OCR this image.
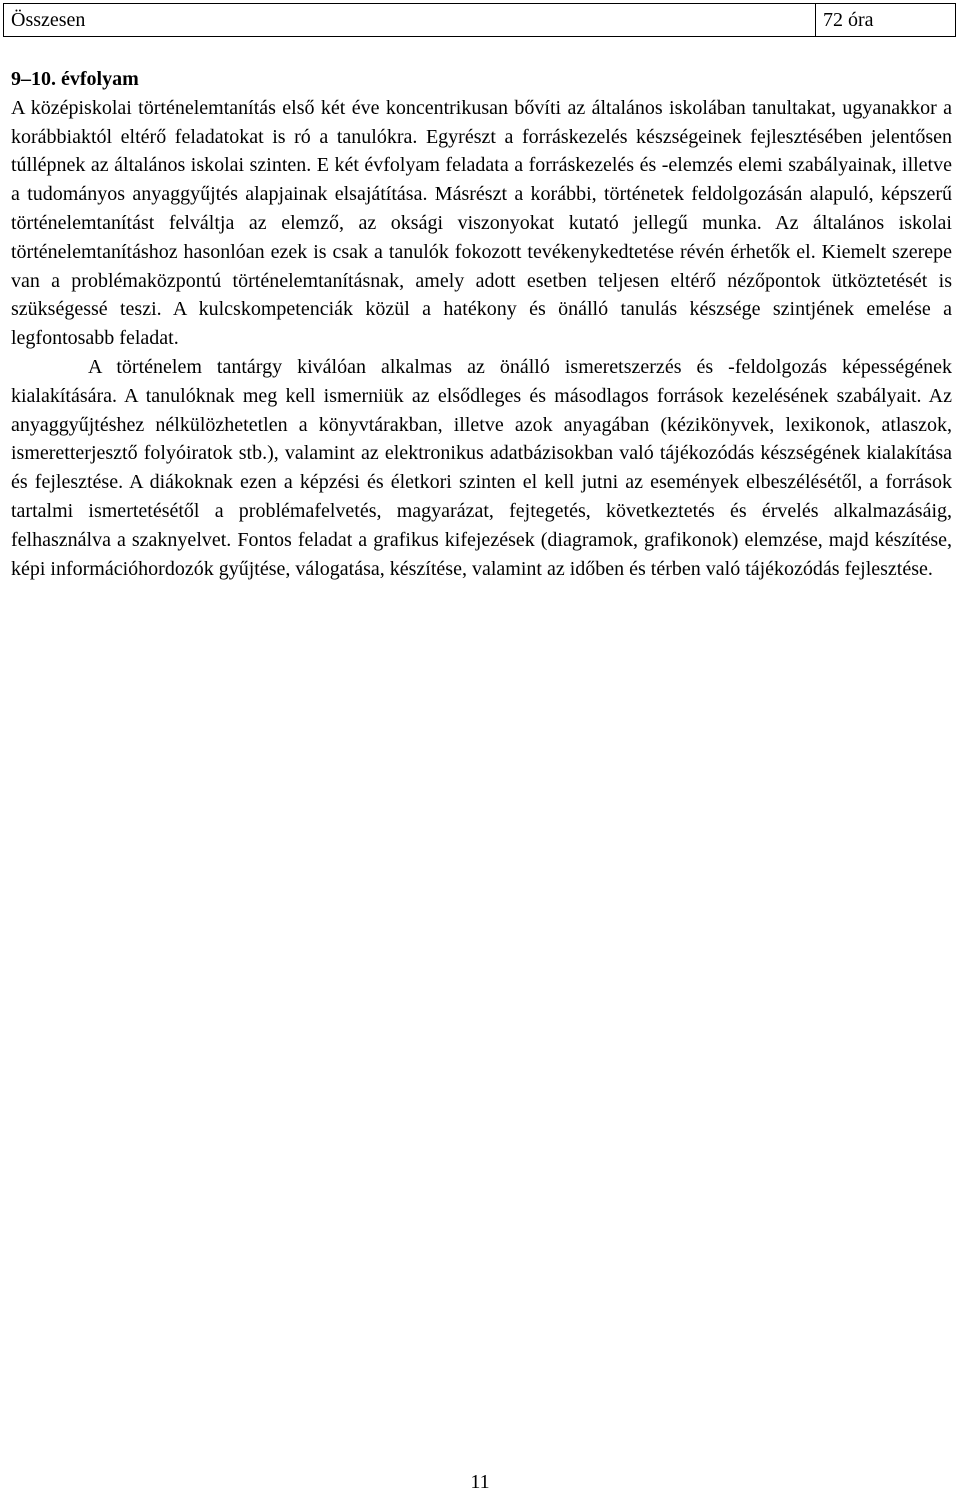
Összesen	72 óra

9–10. évfolyam

A középiskolai történelemtanítás első két éve koncentrikusan bővíti az általános iskolában tanultakat, ugyanakkor a korábbiaktól eltérő feladatokat is ró a tanulókra. Egyrészt a forráskezelés készségeinek fejlesztésében jelentősen túllépnek az általános iskolai szinten. E két évfolyam feladata a forráskezelés és -elemzés elemi szabályainak, illetve a tudományos anyaggyűjtés alapjainak elsajátítása. Másrészt a korábbi, történetek feldolgozásán alapuló, képszerű történelemtanítást felváltja az elemző, az oksági viszonyokat kutató jellegű munka. Az általános iskolai történelemtanításhoz hasonlóan ezek is csak a tanulók fokozott tevékenykedtetése révén érhetők el. Kiemelt szerepe van a problémaközpontú történelemtanításnak, amely adott esetben teljesen eltérő nézőpontok ütköztetését is szükségessé teszi. A kulcskompetenciák közül a hatékony és önálló tanulás készsége szintjének emelése a legfontosabb feladat.

A történelem tantárgy kiválóan alkalmas az önálló ismeretszerzés és -feldolgozás képességének kialakítására. A tanulóknak meg kell ismerniük az elsődleges és másodlagos források kezelésének szabályait. Az anyaggyűjtéshez nélkülözhetetlen a könyvtárakban, illetve azok anyagában (kézikönyvek, lexikonok, atlaszok, ismeretterjesztő folyóiratok stb.), valamint az elektronikus adatbázisokban való tájékozódás készségének kialakítása és fejlesztése. A diákoknak ezen a képzési és életkori szinten el kell jutni az események elbeszélésétől, a források tartalmi ismertetésétől a problémafelvetés, magyarázat, fejtegetés, következtetés és érvelés alkalmazásáig, felhasználva a szaknyelvet. Fontos feladat a grafikus kifejezések (diagramok, grafikonok) elemzése, majd készítése, képi információhordozók gyűjtése, válogatása, készítése, valamint az időben és térben való tájékozódás fejlesztése.

11
